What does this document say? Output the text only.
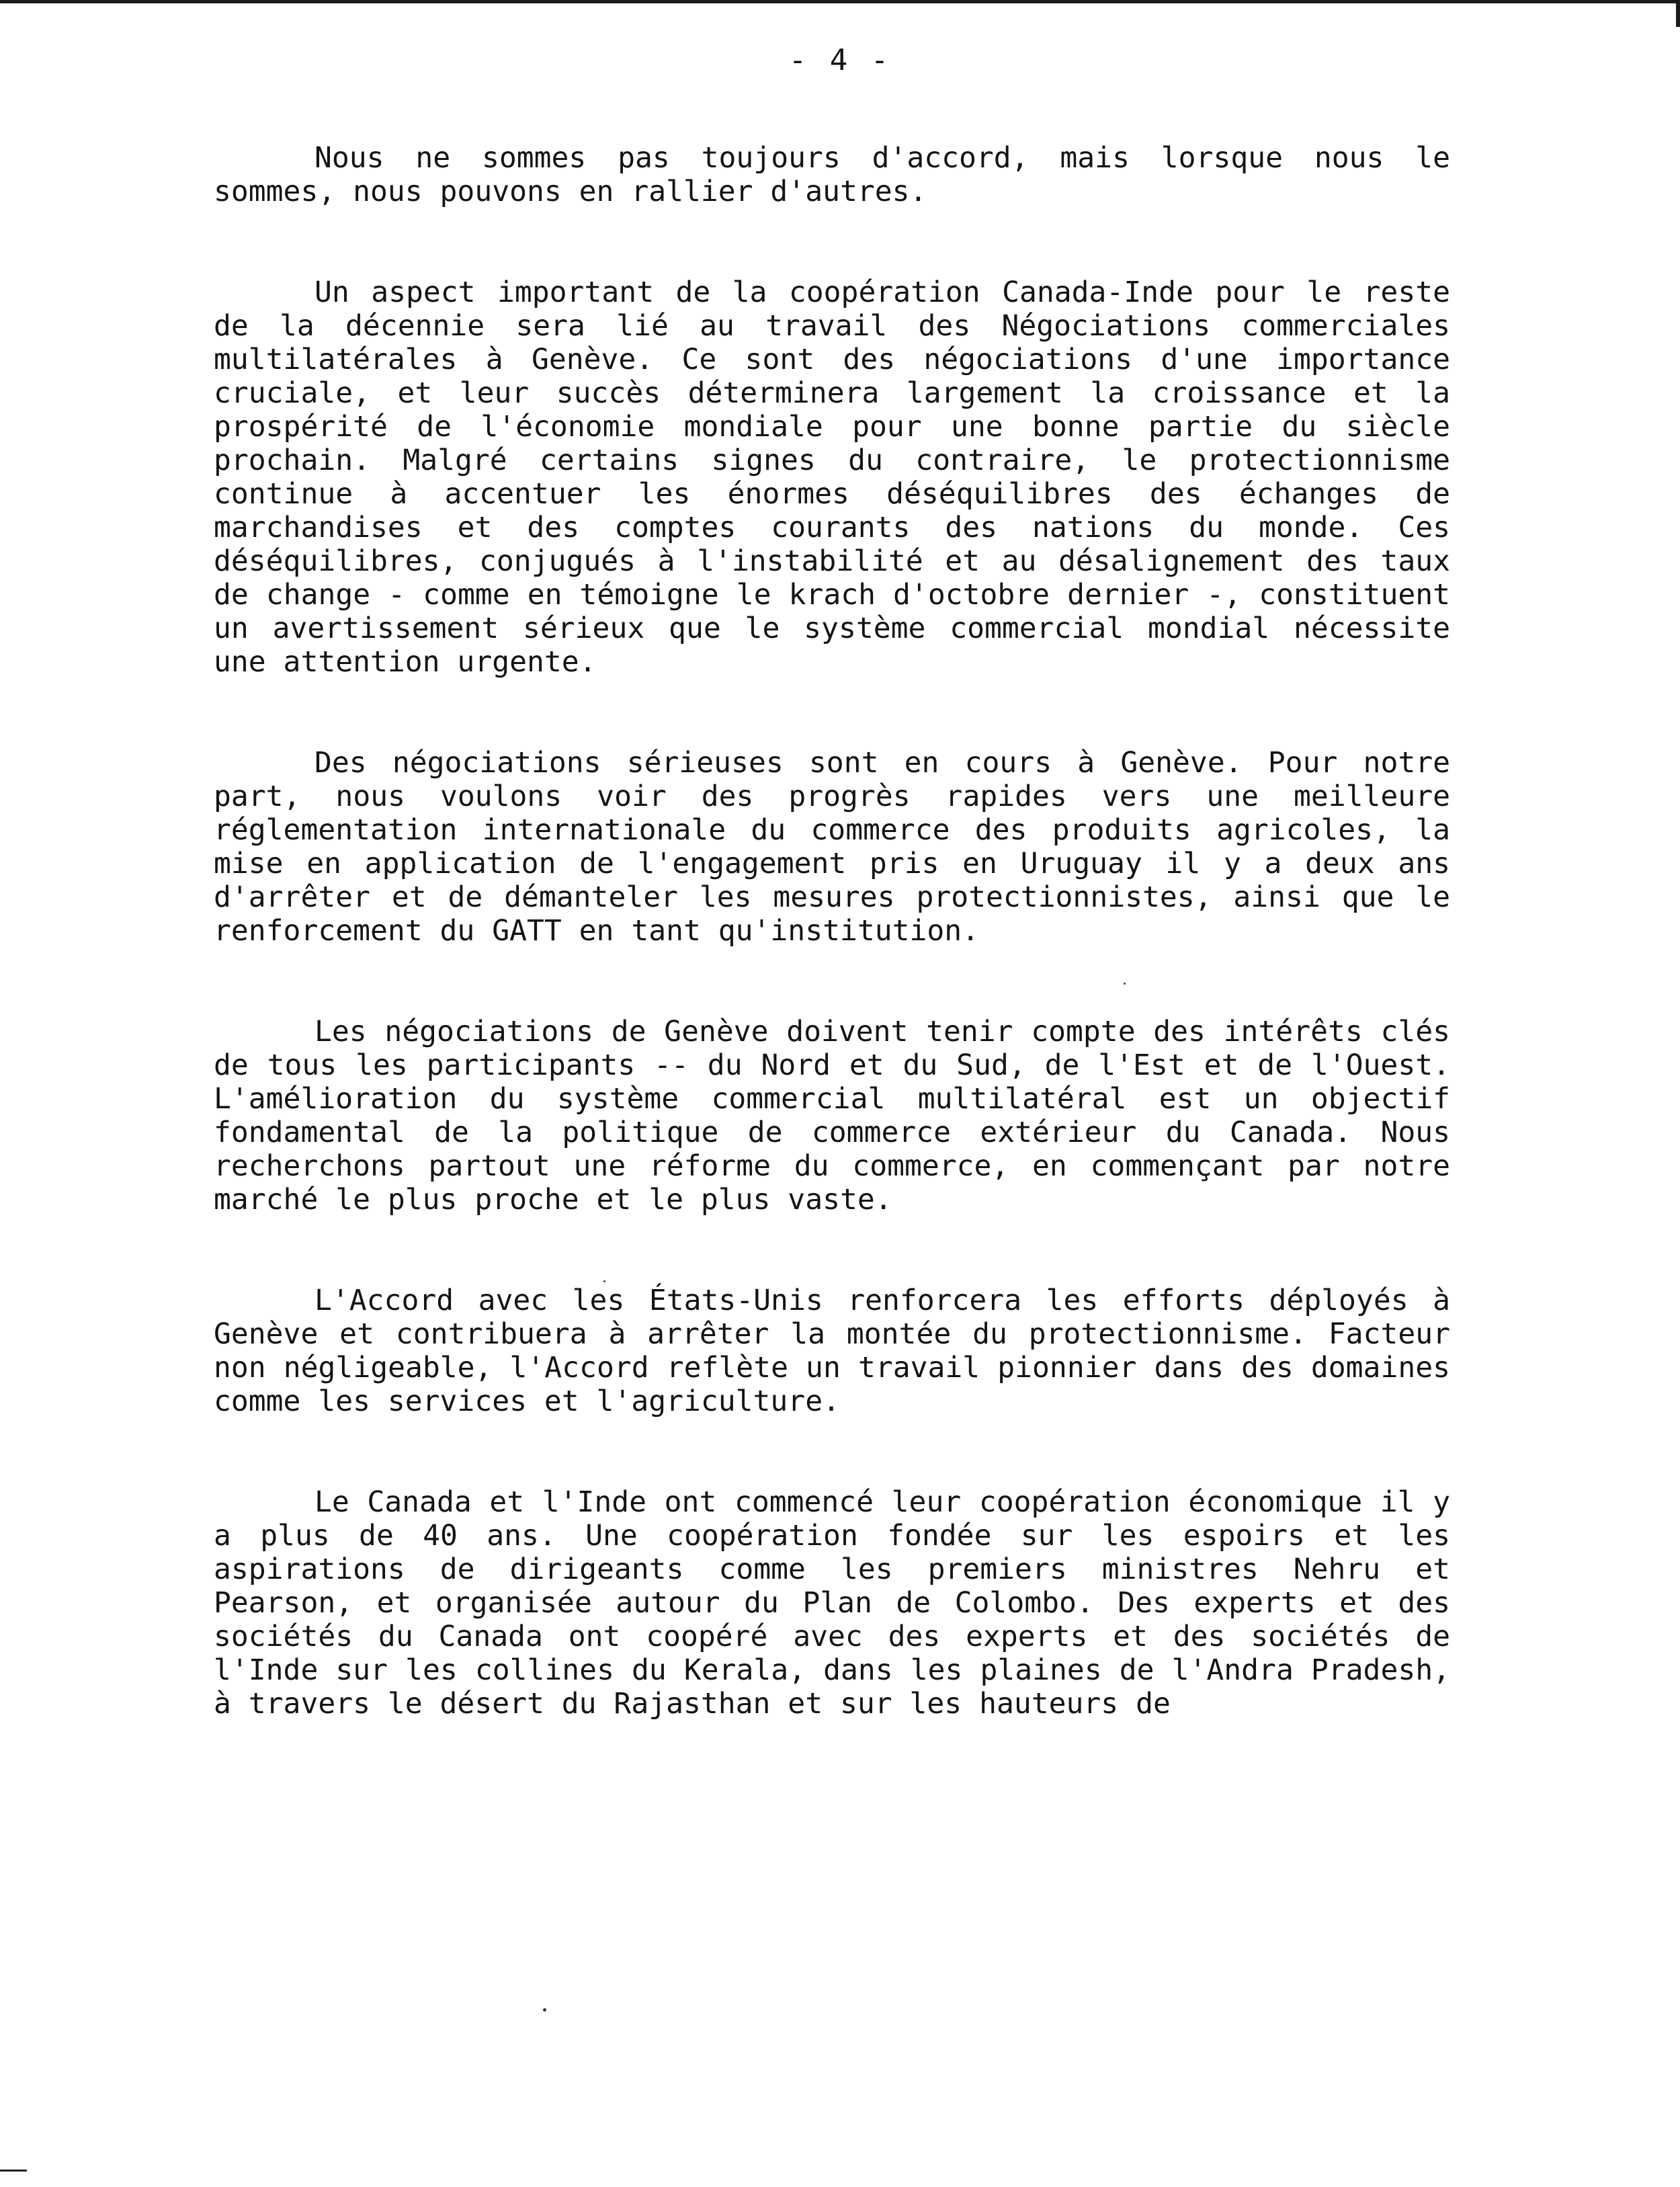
- 4 -

Nous ne sommes pas toujours d'accord, mais lorsque nous le sommes, nous pouvons en rallier d'autres.

Un aspect important de la coopération Canada-Inde pour le reste de la décennie sera lié au travail des Négociations commerciales multilatérales à Genève. Ce sont des négociations d'une importance cruciale, et leur succès déterminera largement la croissance et la prospérité de l'économie mondiale pour une bonne partie du siècle prochain. Malgré certains signes du contraire, le protectionnisme continue à accentuer les énormes déséquilibres des échanges de marchandises et des comptes courants des nations du monde. Ces déséquilibres, conjugués à l'instabilité et au désalignement des taux de change - comme en témoigne le krach d'octobre dernier -, constituent un avertissement sérieux que le système commercial mondial nécessite une attention urgente.

Des négociations sérieuses sont en cours à Genève. Pour notre part, nous voulons voir des progrès rapides vers une meilleure réglementation internationale du commerce des produits agricoles, la mise en application de l'engagement pris en Uruguay il y a deux ans d'arrêter et de démanteler les mesures protectionnistes, ainsi que le renforcement du GATT en tant qu'institution.

Les négociations de Genève doivent tenir compte des intérêts clés de tous les participants -- du Nord et du Sud, de l'Est et de l'Ouest. L'amélioration du système commercial multilatéral est un objectif fondamental de la politique de commerce extérieur du Canada. Nous recherchons partout une réforme du commerce, en commençant par notre marché le plus proche et le plus vaste.

L'Accord avec les États-Unis renforcera les efforts déployés à Genève et contribuera à arrêter la montée du protectionnisme. Facteur non négligeable, l'Accord reflète un travail pionnier dans des domaines comme les services et l'agriculture.

Le Canada et l'Inde ont commencé leur coopération économique il y a plus de 40 ans. Une coopération fondée sur les espoirs et les aspirations de dirigeants comme les premiers ministres Nehru et Pearson, et organisée autour du Plan de Colombo. Des experts et des sociétés du Canada ont coopéré avec des experts et des sociétés de l'Inde sur les collines du Kerala, dans les plaines de l'Andra Pradesh, à travers le désert du Rajasthan et sur les hauteurs de
